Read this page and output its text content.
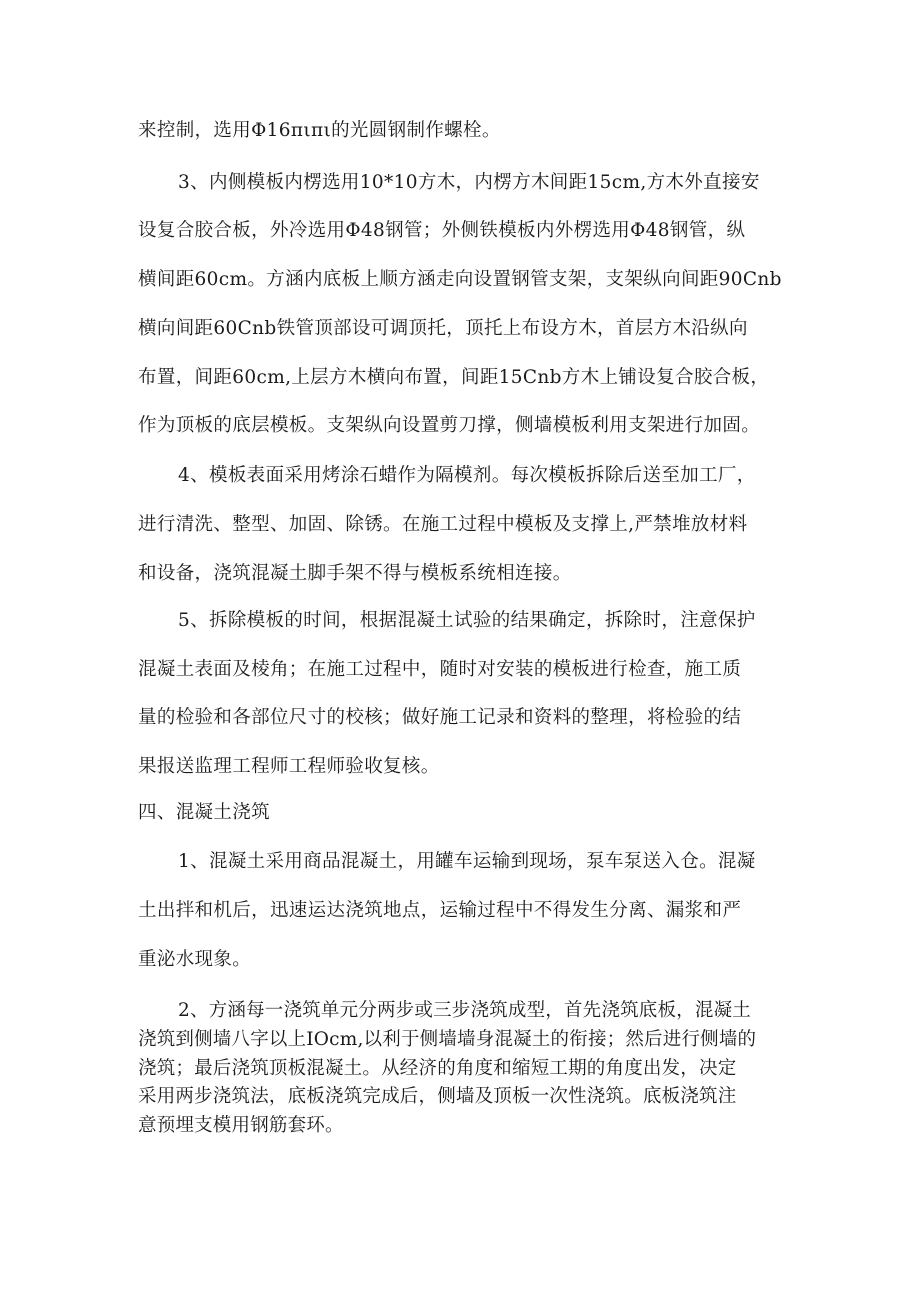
来控制，选用Φ16πιπι的光圆钢制作螺栓。
3、内侧模板内楞选用10*10方木，内楞方木间距15cm,方木外直接安
设复合胶合板，外冷选用Φ48钢管；外侧铁模板内外楞选用Φ48钢管，纵
横间距60cm。方涵内底板上顺方涵走向设置钢管支架，支架纵向间距90Cnb
横向间距60Cnb铁管顶部设可调顶托，顶托上布设方木，首层方木沿纵向
布置，间距60cm,上层方木横向布置，间距15Cnb方木上铺设复合胶合板，
作为顶板的底层模板。支架纵向设置剪刀撑，侧墙模板利用支架进行加固。
4、模板表面采用烤涂石蜡作为隔模剂。每次模板拆除后送至加工厂，
进行清洗、整型、加固、除锈。在施工过程中模板及支撑上,严禁堆放材料
和设备，浇筑混凝土脚手架不得与模板系统相连接。
5、拆除模板的时间，根据混凝土试验的结果确定，拆除时，注意保护
混凝土表面及棱角；在施工过程中，随时对安装的模板进行检查，施工质
量的检验和各部位尺寸的校核；做好施工记录和资料的整理，将检验的结
果报送监理工程师工程师验收复核。
四、混凝土浇筑
1、混凝土采用商品混凝土，用罐车运输到现场，泵车泵送入仓。混凝
土出拌和机后，迅速运达浇筑地点，运输过程中不得发生分离、漏浆和严
重泌水现象。
2、方涵每一浇筑单元分两步或三步浇筑成型，首先浇筑底板，混凝土
浇筑到侧墙八字以上IOcm,以利于侧墙墙身混凝土的衔接；然后进行侧墙的
浇筑；最后浇筑顶板混凝土。从经济的角度和缩短工期的角度出发，决定
采用两步浇筑法，底板浇筑完成后，侧墙及顶板一次性浇筑。底板浇筑注
意预埋支模用钢筋套环。
